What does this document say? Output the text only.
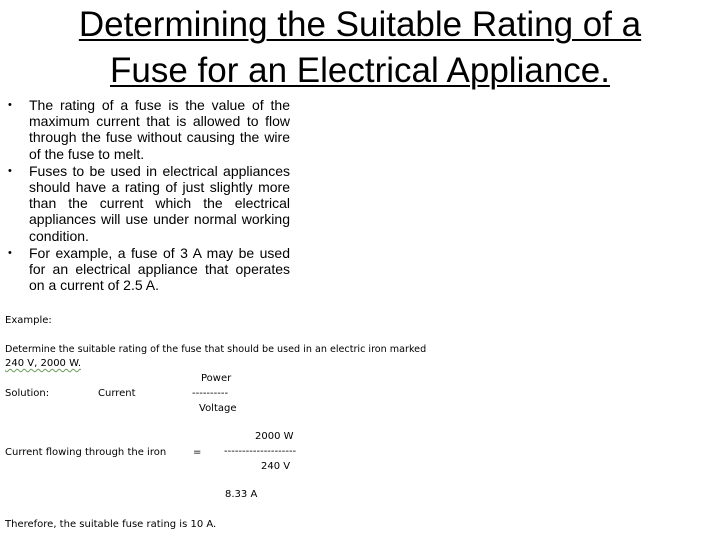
Determining the Suitable Rating of a Fuse for an Electrical Appliance.
• The rating of a fuse is the value of the maximum current that is allowed to flow through the fuse without causing the wire of the fuse to melt.
• Fuses to be used in electrical appliances should have a rating of just slightly more than the current which the electrical appliances will use under normal working condition.
• For example, a fuse of 3 A may be used for an electrical appliance that operates on a current of 2.5 A.
Example:
Determine the suitable rating of the fuse that should be used in an electric iron marked
240 V, 2000 W.
Solution:	Current
Power
----------
Voltage
2000 W
Current flowing through the iron	= --------------------
240 V
8.33 A
Therefore, the suitable fuse rating is 10 A.
